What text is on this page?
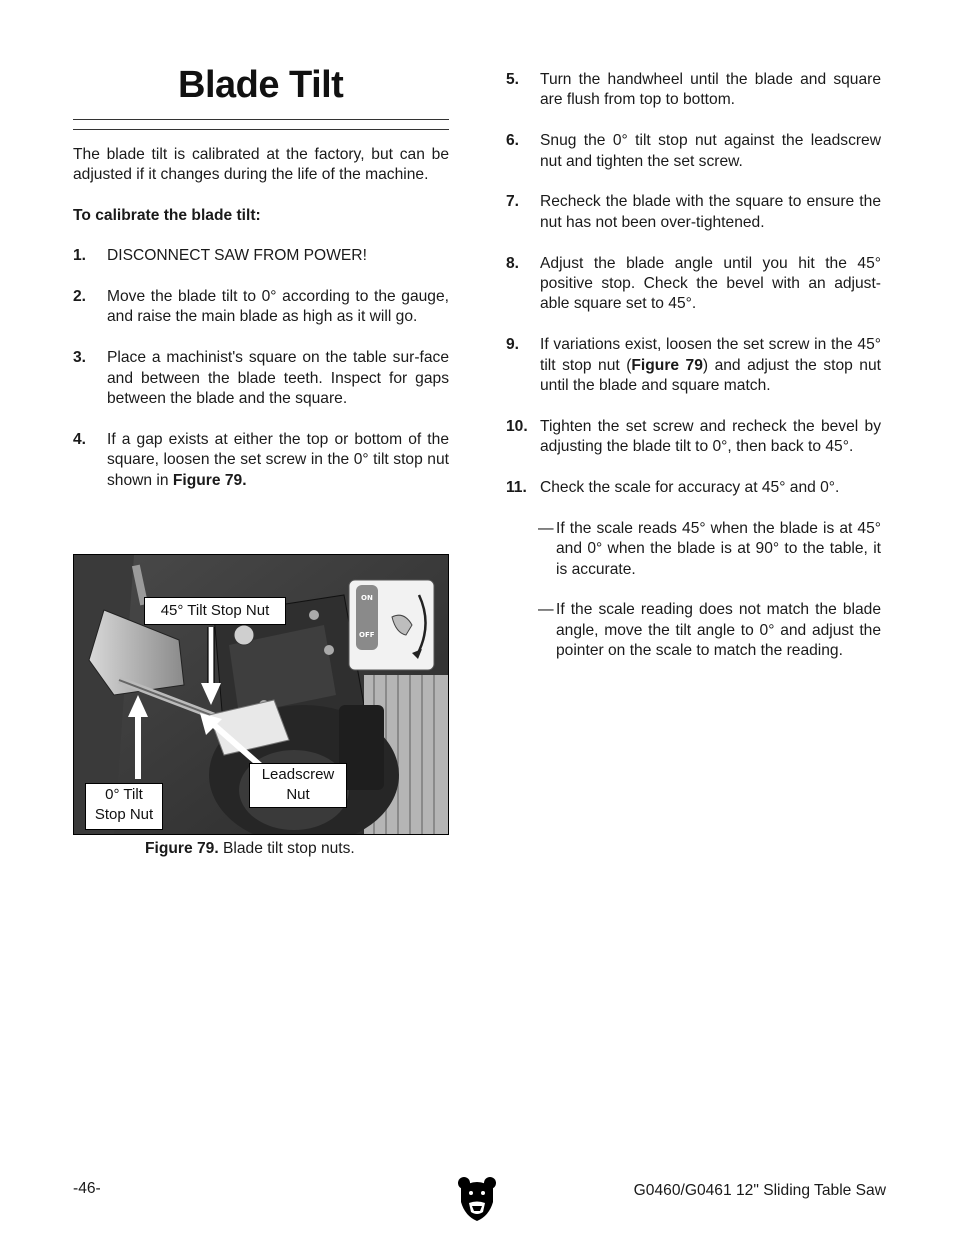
Blade Tilt

The blade tilt is calibrated at the factory, but can be adjusted if it changes during the life of the machine.

To calibrate the blade tilt:

1.	DISCONNECT SAW FROM POWER!
2.	Move the blade tilt to 0° according to the gauge, and raise the main blade as high as it will go.
3.	Place a machinist's square on the table sur-face and between the blade teeth. Inspect for gaps between the blade and the square.
4.	If a gap exists at either the top or bottom of the square, loosen the set screw in the 0° tilt stop nut shown in Figure 79.
ON
OFF
45° Tilt Stop Nut
0° Tilt
Stop Nut
Leadscrew
Nut
Figure 79. Blade tilt stop nuts.
5.	Turn the handwheel until the blade and square are flush from top to bottom.
6.	Snug the 0° tilt stop nut against the leadscrew nut and tighten the set screw.
7.	Recheck the blade with the square to ensure the nut has not been over-tightened.
8.	Adjust the blade angle until you hit the 45° positive stop. Check the bevel with an adjust-able square set to 45°.
9.	If variations exist, loosen the set screw in the 45° tilt stop nut (Figure 79) and adjust the stop nut until the blade and square match.
10. Tighten the set screw and recheck the bevel by adjusting the blade tilt to 0°, then back to 45°.
11. Check the scale for accuracy at 45° and 0°.
— If the scale reads 45° when the blade is at 45° and 0° when the blade is at 90° to the table, it is accurate.
— If the scale reading does not match the blade angle, move the tilt angle to 0° and adjust the pointer on the scale to match the reading.
-46-	G0460/G0461 12" Sliding Table Saw
